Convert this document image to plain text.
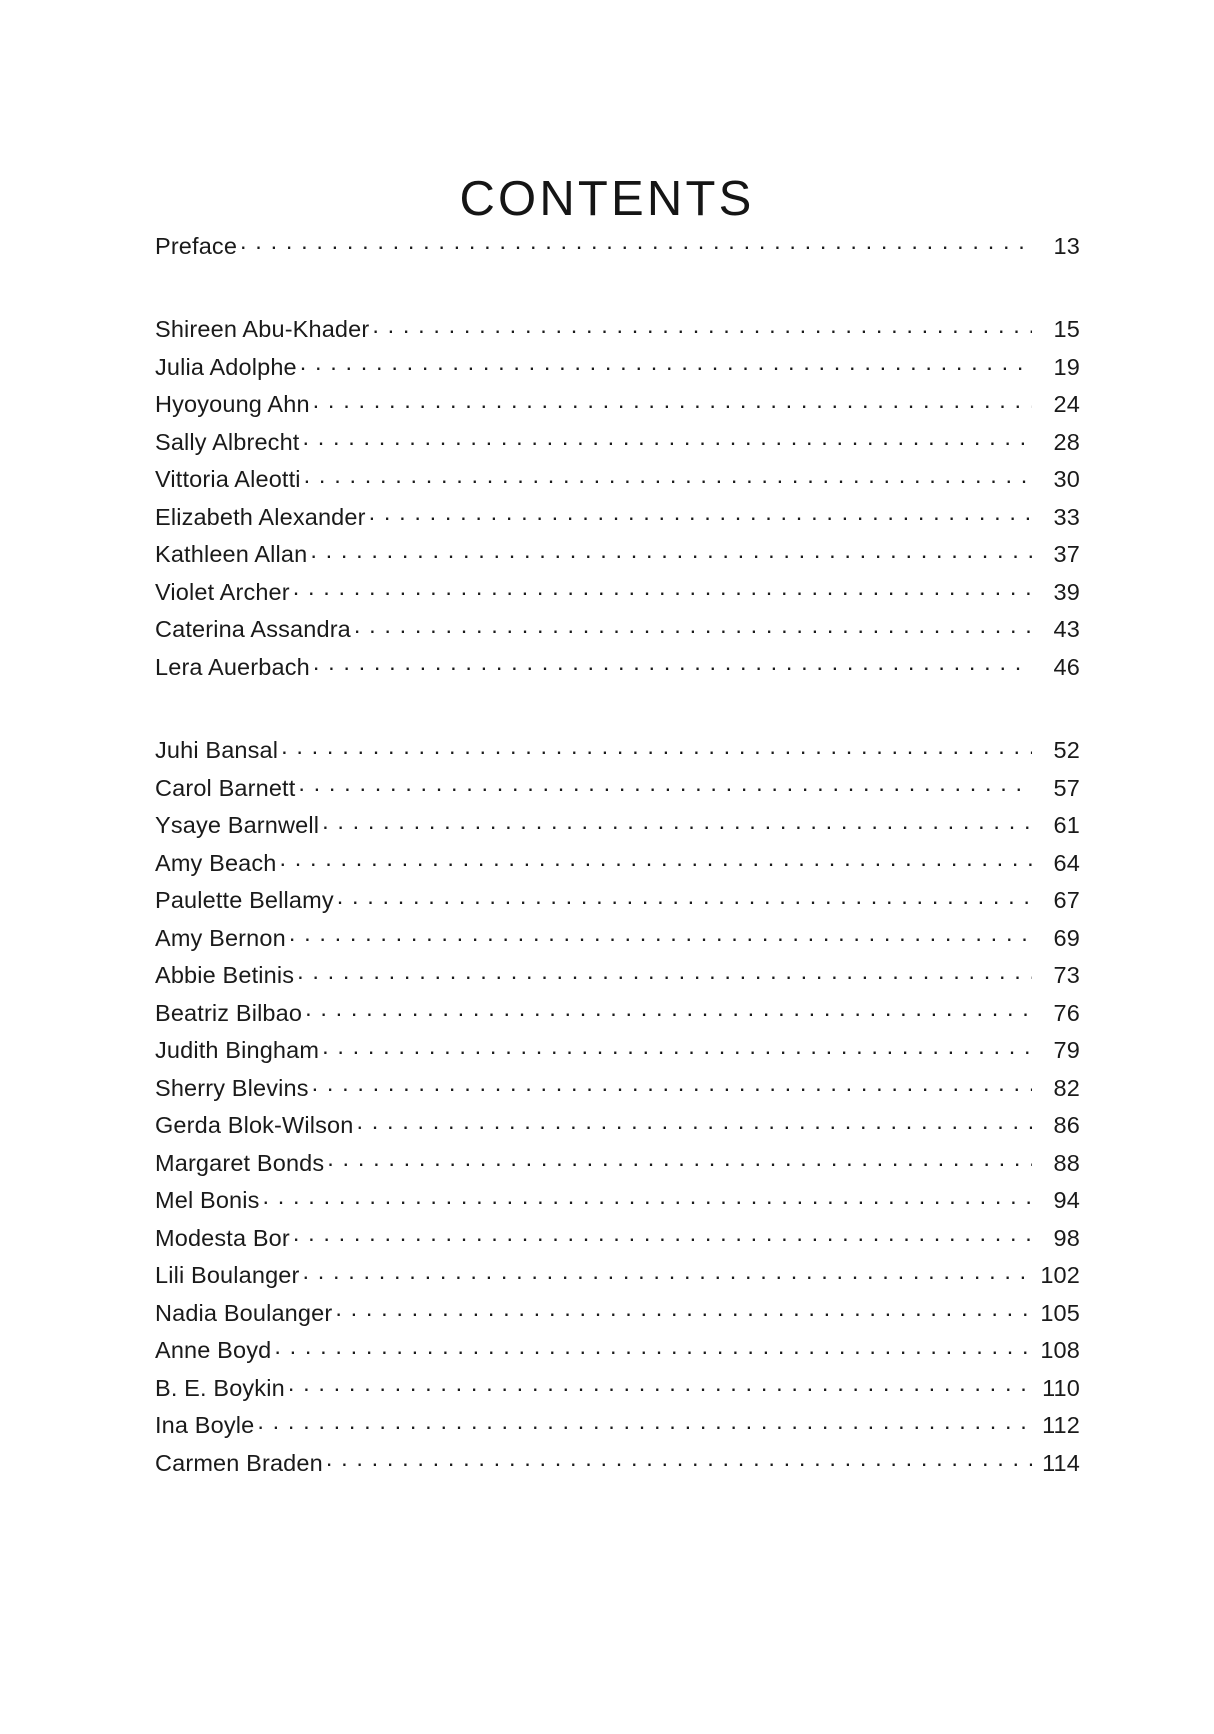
CONTENTS
Preface . . .	13
Shireen Abu-Khader . . .	15
Julia Adolphe . . .	19
Hyoyoung Ahn . . .	24
Sally Albrecht . . .	28
Vittoria Aleotti . . .	30
Elizabeth Alexander . . .	33
Kathleen Allan . . .	37
Violet Archer . . .	39
Caterina Assandra . . .	43
Lera Auerbach . . .	46
Juhi Bansal . . .	52
Carol Barnett . . .	57
Ysaye Barnwell . . .	61
Amy Beach . . .	64
Paulette Bellamy . . .	67
Amy Bernon . . .	69
Abbie Betinis . . .	73
Beatriz Bilbao . . .	76
Judith Bingham . . .	79
Sherry Blevins . . .	82
Gerda Blok-Wilson . . .	86
Margaret Bonds . . .	88
Mel Bonis . . .	94
Modesta Bor . . .	98
Lili Boulanger . . .	102
Nadia Boulanger . . .	105
Anne Boyd . . .	108
B. E. Boykin . . .	110
Ina Boyle . . .	112
Carmen Braden . . .	114
